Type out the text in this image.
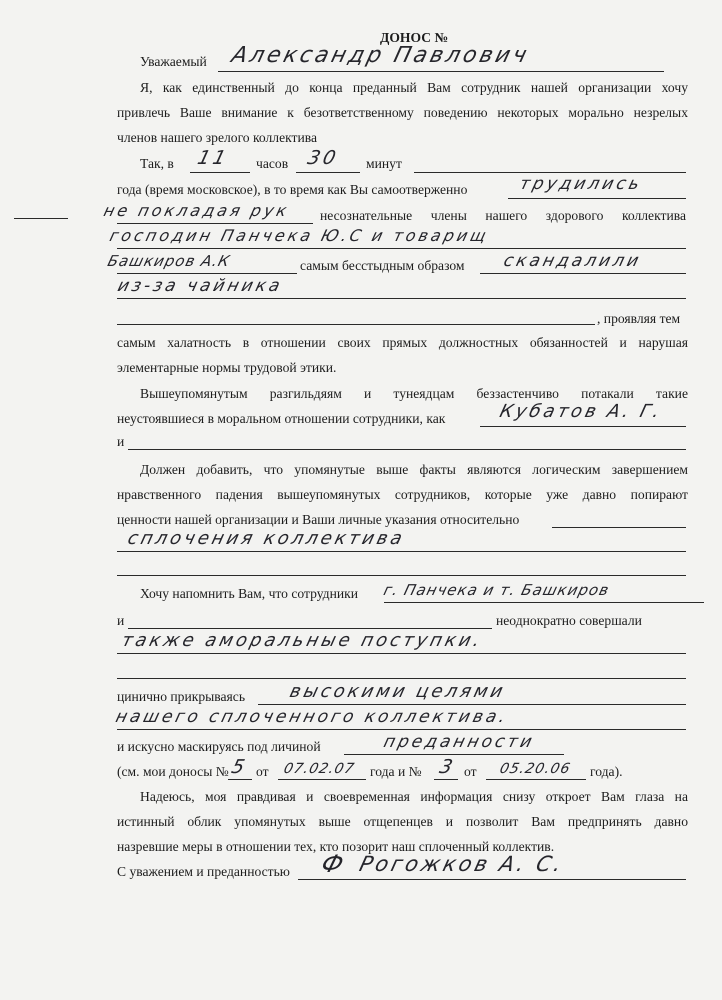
ДОНОС №
Уважаемый Александр Павлович
Я, как единственный до конца преданный Вам сотрудник нашей организации хочу
привлечь Ваше внимание к безответственному поведению некоторых морально незрелых
членов нашего зрелого коллектива
Так, в 11 часов 30 минут
года (время московское), в то время как Вы самоотверженно	трудились
не покладая рук несознательные члены нашего здорового коллектива
господин Панчека Ю.С и товарищ
Башкиров А.К	самым бесстыдным образом скандалили
из-за чайника
, проявляя тем
самым халатность в отношении своих прямых должностных обязанностей и нарушая
элементарные нормы трудовой этики.
Вышеупомянутым разгильдяям и тунеядцам беззастенчиво потакали такие
неустоявшиеся в моральном отношении сотрудники, как	Кубатов А. Г.
и
Должен добавить, что упомянутые выше факты являются логическим завершением
нравственного падения вышеупомянутых сотрудников, которые уже давно попирают
ценности нашей организации и Ваши личные указания относительно
сплочения коллектива
Хочу напомнить Вам, что сотрудники г. Панчека и т. Башкиров
и	неоднократно совершали
также аморальные поступки.
цинично прикрываясь высокими целями
нашего сплоченного коллектива.
и искусно маскируясь под личиной	преданности
(см. мои доносы № 5 от 07.02.07 года и № 3 от 05.20.06 года).
Надеюсь, моя правдивая и своевременная информация снизу откроет Вам глаза на
истинный облик упомянутых выше отщепенцев и позволит Вам предпринять давно
назревшие меры в отношении тех, кто позорит наш сплоченный коллектив.
С уважением и преданностью Ф Рогожков А. С.
